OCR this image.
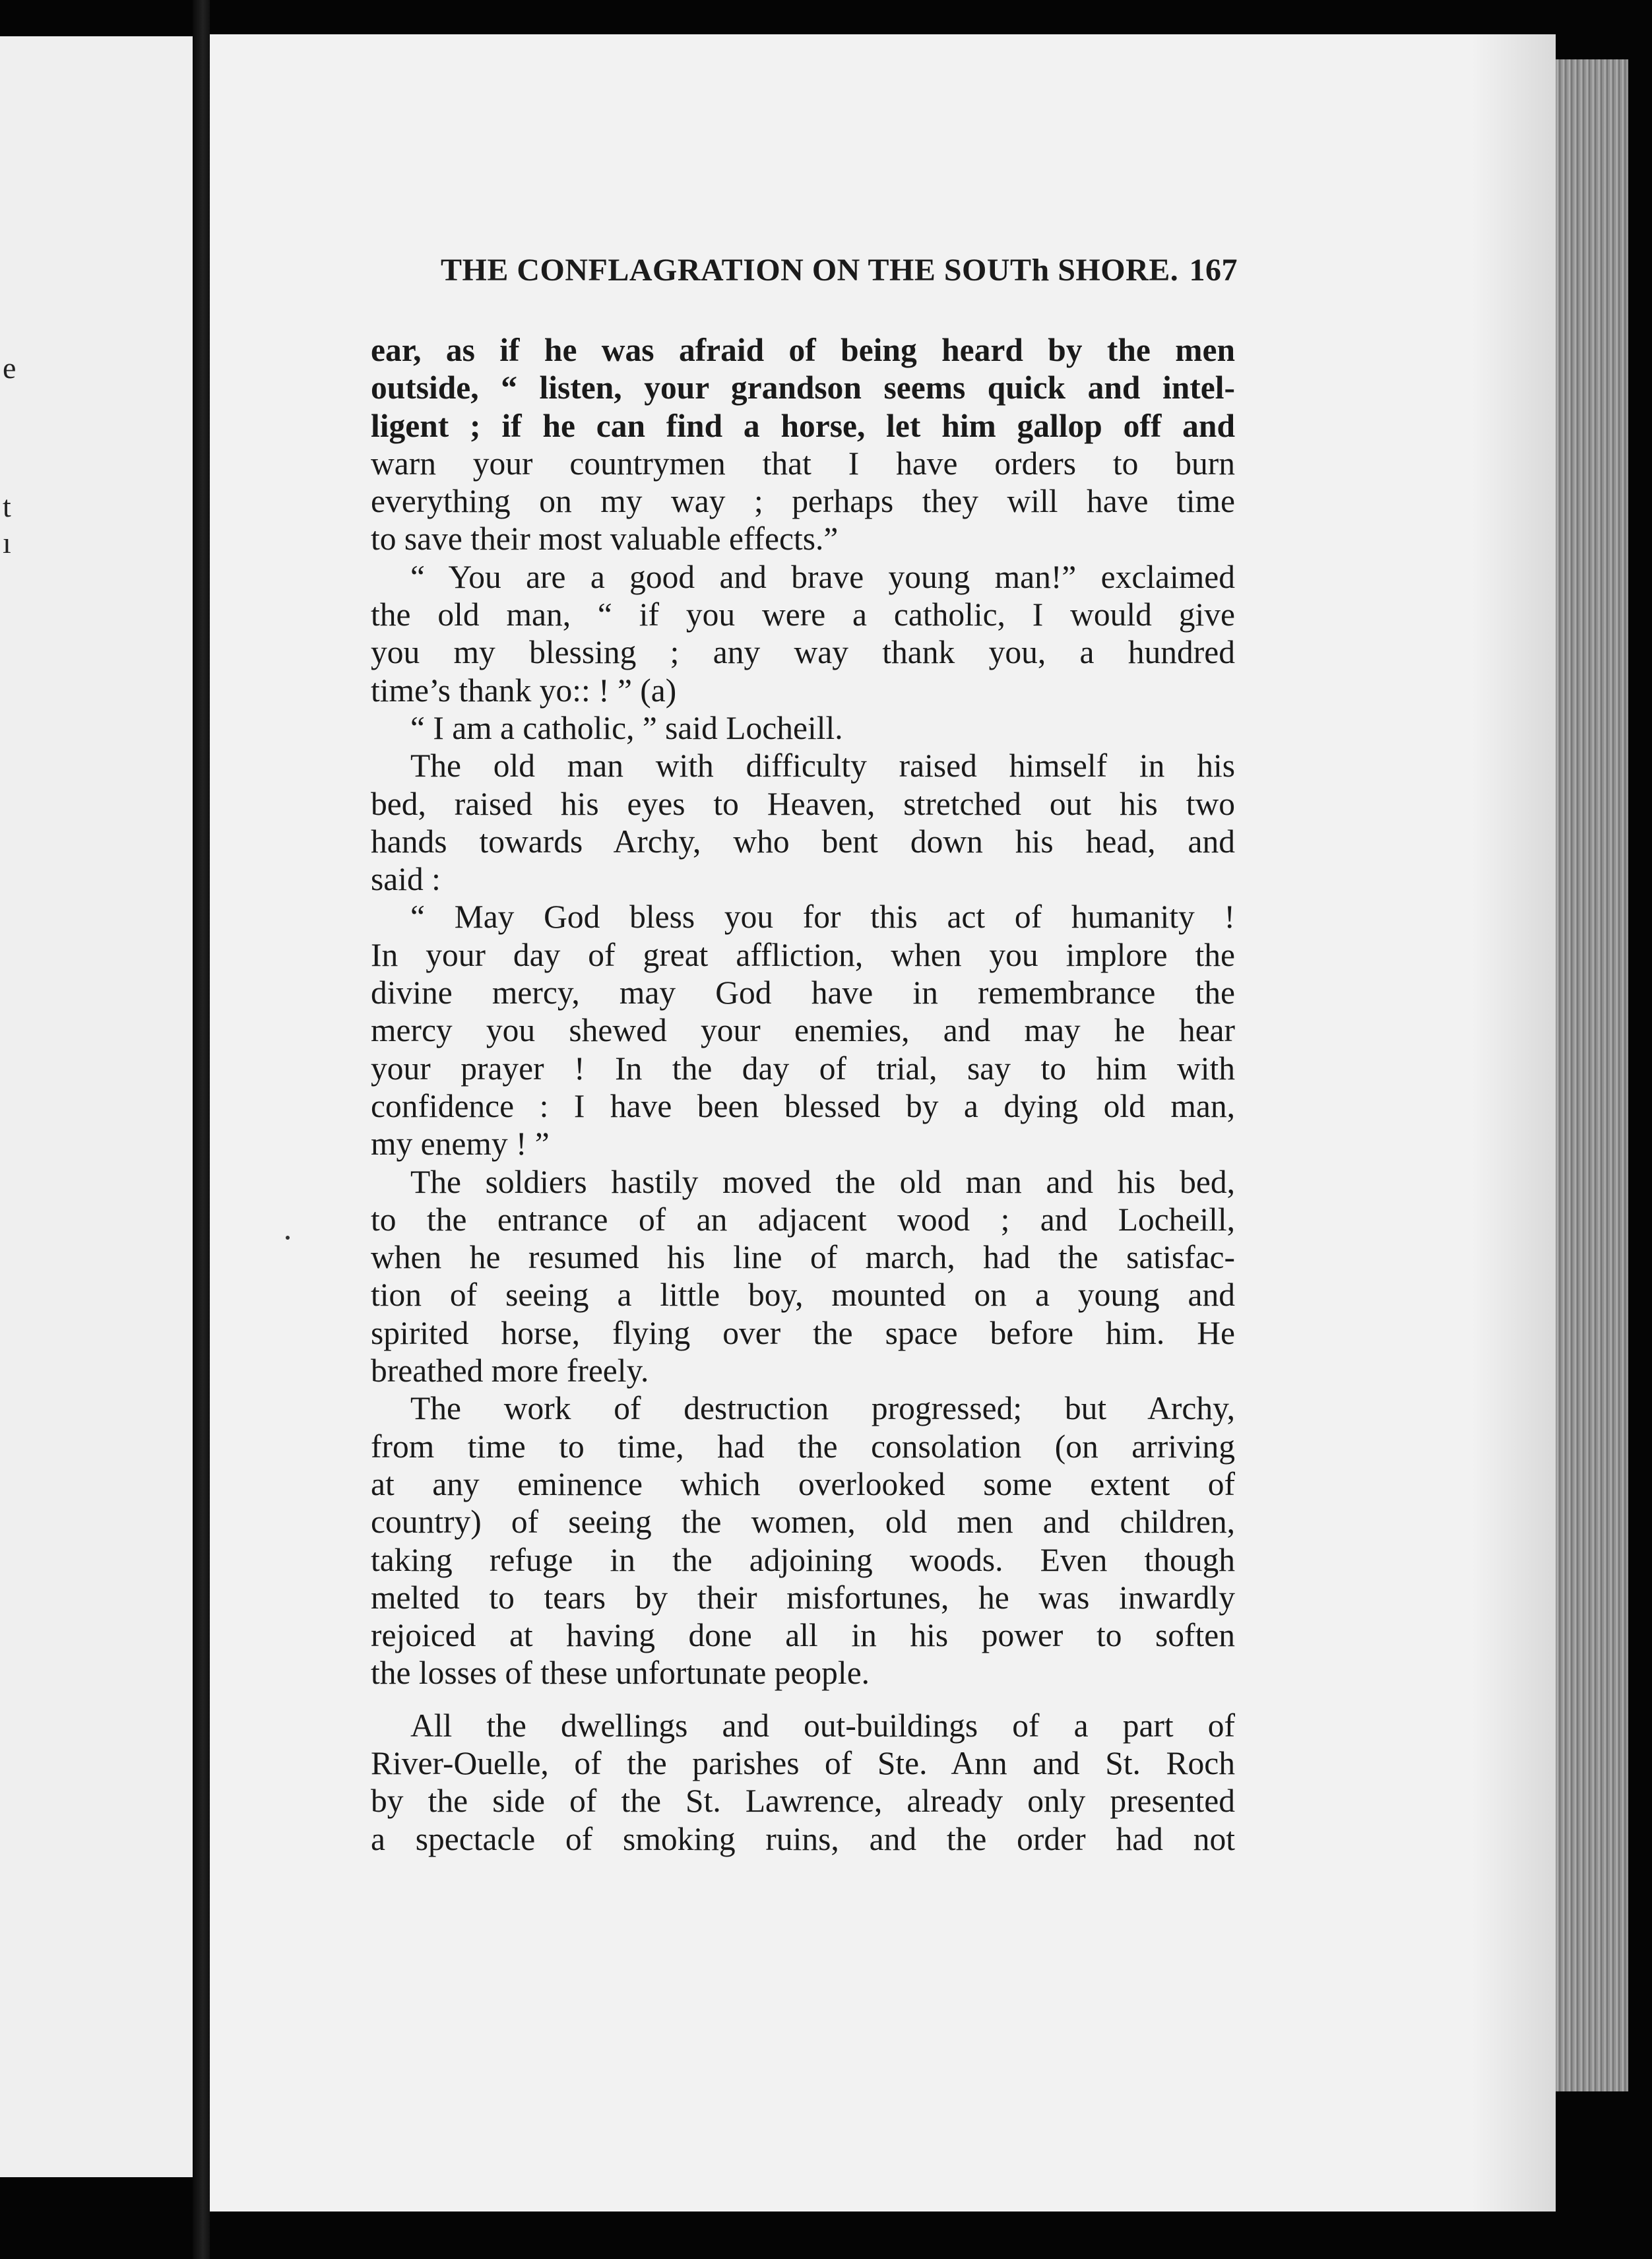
e
t
ı
THE CONFLAGRATION ON THE SOUTh SHORE. 167
ear, as if he was afraid of being heard by the men
outside, “ listen, your grandson seems quick and intel-
ligent ; if he can find a horse, let him gallop off and
warn your countrymen that I have orders to burn
everything on my way ; perhaps they will have time
to save their most valuable effects.”
“ You are a good and brave young man!” exclaimed
the old man, “ if you were a catholic, I would give
you my blessing ; any way thank you, a hundred
time’s thank yo:: ! ” (a)
“ I am a catholic, ” said Locheill.
The old man with difficulty raised himself in his
bed, raised his eyes to Heaven, stretched out his two
hands towards Archy, who bent down his head, and
said :
“ May God bless you for this act of humanity !
In your day of great affliction, when you implore the
divine mercy, may God have in remembrance the
mercy you shewed your enemies, and may he hear
your prayer ! In the day of trial, say to him with
confidence : I have been blessed by a dying old man,
my enemy ! ”
The soldiers hastily moved the old man and his bed,
to the entrance of an adjacent wood ; and Locheill,
when he resumed his line of march, had the satisfac-
tion of seeing a little boy, mounted on a young and
spirited horse, flying over the space before him. He
breathed more freely.
The work of destruction progressed; but Archy,
from time to time, had the consolation (on arriving
at any eminence which overlooked some extent of
country) of seeing the women, old men and children,
taking refuge in the adjoining woods. Even though
melted to tears by their misfortunes, he was inwardly
rejoiced at having done all in his power to soften
the losses of these unfortunate people.
All the dwellings and out-buildings of a part of
River-Ouelle, of the parishes of Ste. Ann and St. Roch
by the side of the St. Lawrence, already only presented
a spectacle of smoking ruins, and the order had not
